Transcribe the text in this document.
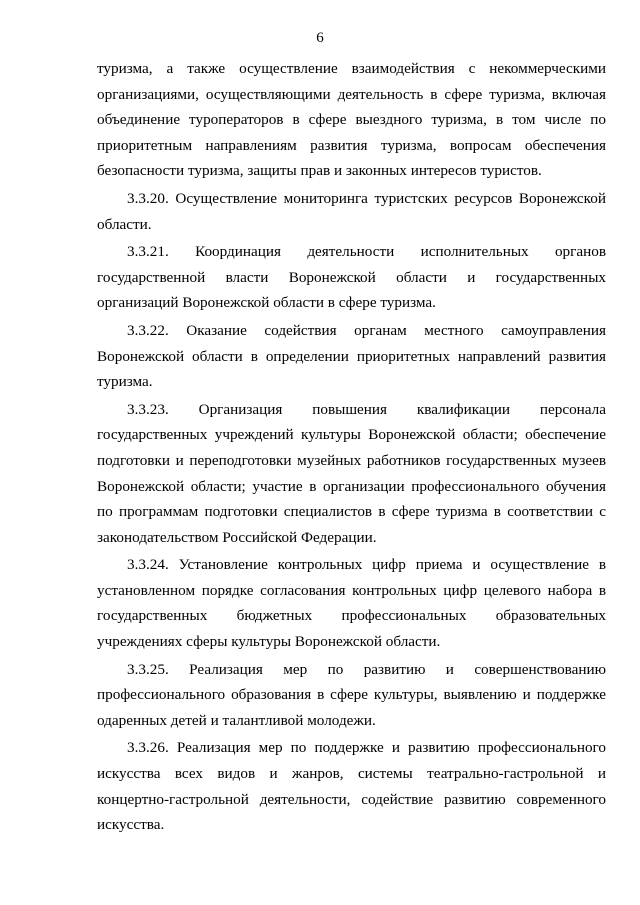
6

туризма, а также осуществление взаимодействия с некоммерческими организациями, осуществляющими деятельность в сфере туризма, включая объединение туроператоров в сфере выездного туризма, в том числе по приоритетным направлениям развития туризма, вопросам обеспечения безопасности туризма, защиты прав и законных интересов туристов.

3.3.20. Осуществление мониторинга туристских ресурсов Воронежской области.

3.3.21. Координация деятельности исполнительных органов государственной власти Воронежской области и государственных организаций Воронежской области в сфере туризма.

3.3.22. Оказание содействия органам местного самоуправления Воронежской области в определении приоритетных направлений развития туризма.

3.3.23. Организация повышения квалификации персонала государственных учреждений культуры Воронежской области; обеспечение подготовки и переподготовки музейных работников государственных музеев Воронежской области; участие в организации профессионального обучения по программам подготовки специалистов в сфере туризма в соответствии с законодательством Российской Федерации.

3.3.24. Установление контрольных цифр приема и осуществление в установленном порядке согласования контрольных цифр целевого набора в государственных бюджетных профессиональных образовательных учреждениях сферы культуры Воронежской области.

3.3.25. Реализация мер по развитию и совершенствованию профессионального образования в сфере культуры, выявлению и поддержке одаренных детей и талантливой молодежи.

3.3.26. Реализация мер по поддержке и развитию профессионального искусства всех видов и жанров, системы театрально-гастрольной и концертно-гастрольной деятельности, содействие развитию современного искусства.
